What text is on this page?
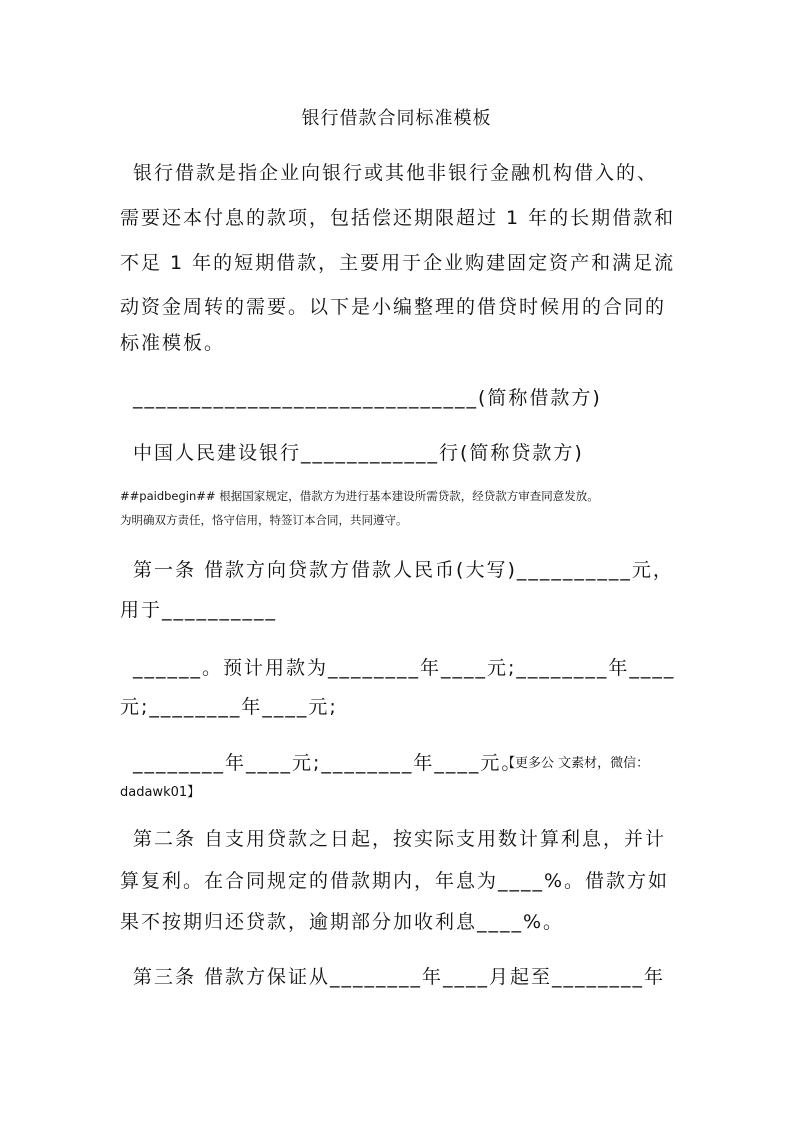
银行借款合同标准模板
银行借款是指企业向银行或其他非银行金融机构借入的、
需要还本付息的款项，包括偿还期限超过 1 年的长期借款和
不足 1 年的短期借款，主要用于企业购建固定资产和满足流
动资金周转的需要。以下是小编整理的借贷时候用的合同的
标准模板。
______________________________(简称借款方)
中国人民建设银行____________行(简称贷款方)
##paidbegin## 根据国家规定，借款方为进行基本建设所需贷款，经贷款方审查同意发放。
为明确双方责任，恪守信用，特签订本合同，共同遵守。
第一条 借款方向贷款方借款人民币(大写)__________元，
用于__________
______。预计用款为________年____元;________年____
元;________年____元;
________年____元;________年____元。
【更多公 文素材，微信：
dadawk01】
第二条 自支用贷款之日起，按实际支用数计算利息，并计
算复利。在合同规定的借款期内，年息为____%。借款方如
果不按期归还贷款，逾期部分加收利息____%。
第三条 借款方保证从________年____月起至________年
